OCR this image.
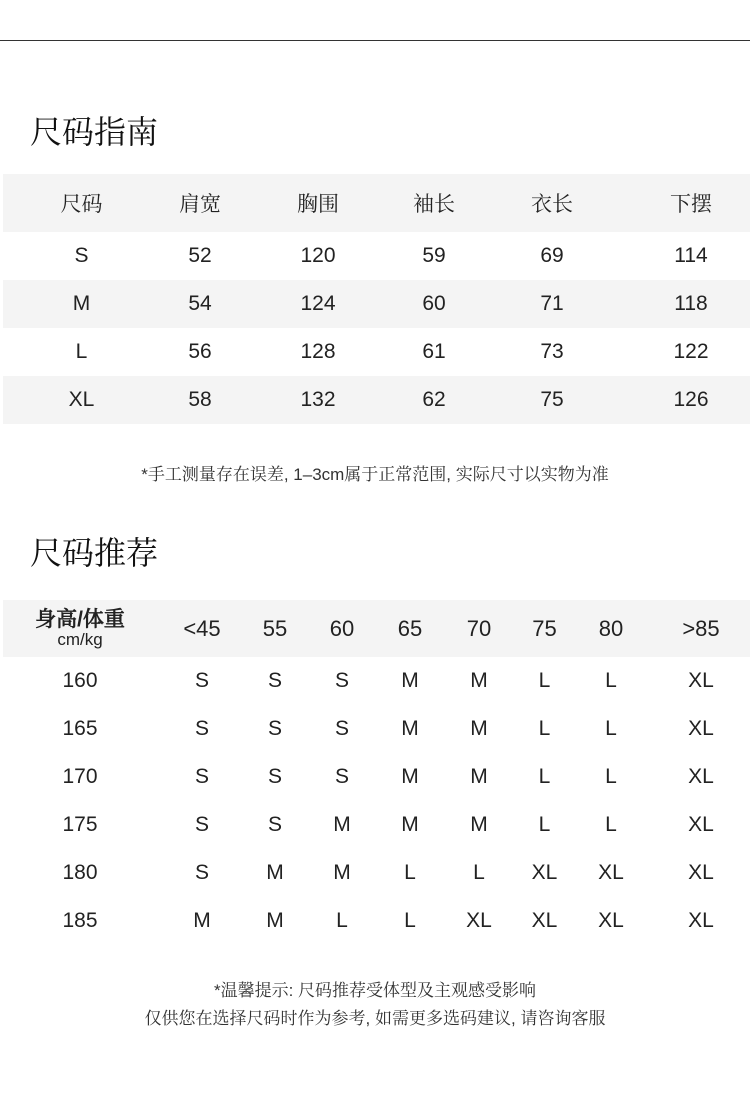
尺码指南
尺码	肩宽	胸围	袖长	衣长	下摆
S	52	120	59	69	114
M	54	124	60	71	118
L	56	128	61	73	122
XL	58	132	62	75	126

*手工测量存在误差, 1–3cm属于正常范围, 实际尺寸以实物为准

尺码推荐
身高/体重
cm/kg	<45	55	60	65	70	75	80	>85
160	S	S	S	M	M	L	L	XL
165	S	S	S	M	M	L	L	XL
170	S	S	S	M	M	L	L	XL
175	S	S	M	M	M	L	L	XL
180	S	M	M	L	L	XL	XL	XL
185	M	M	L	L	XL	XL	XL	XL
*温馨提示: 尺码推荐受体型及主观感受影响
仅供您在选择尺码时作为参考, 如需更多选码建议, 请咨询客服
